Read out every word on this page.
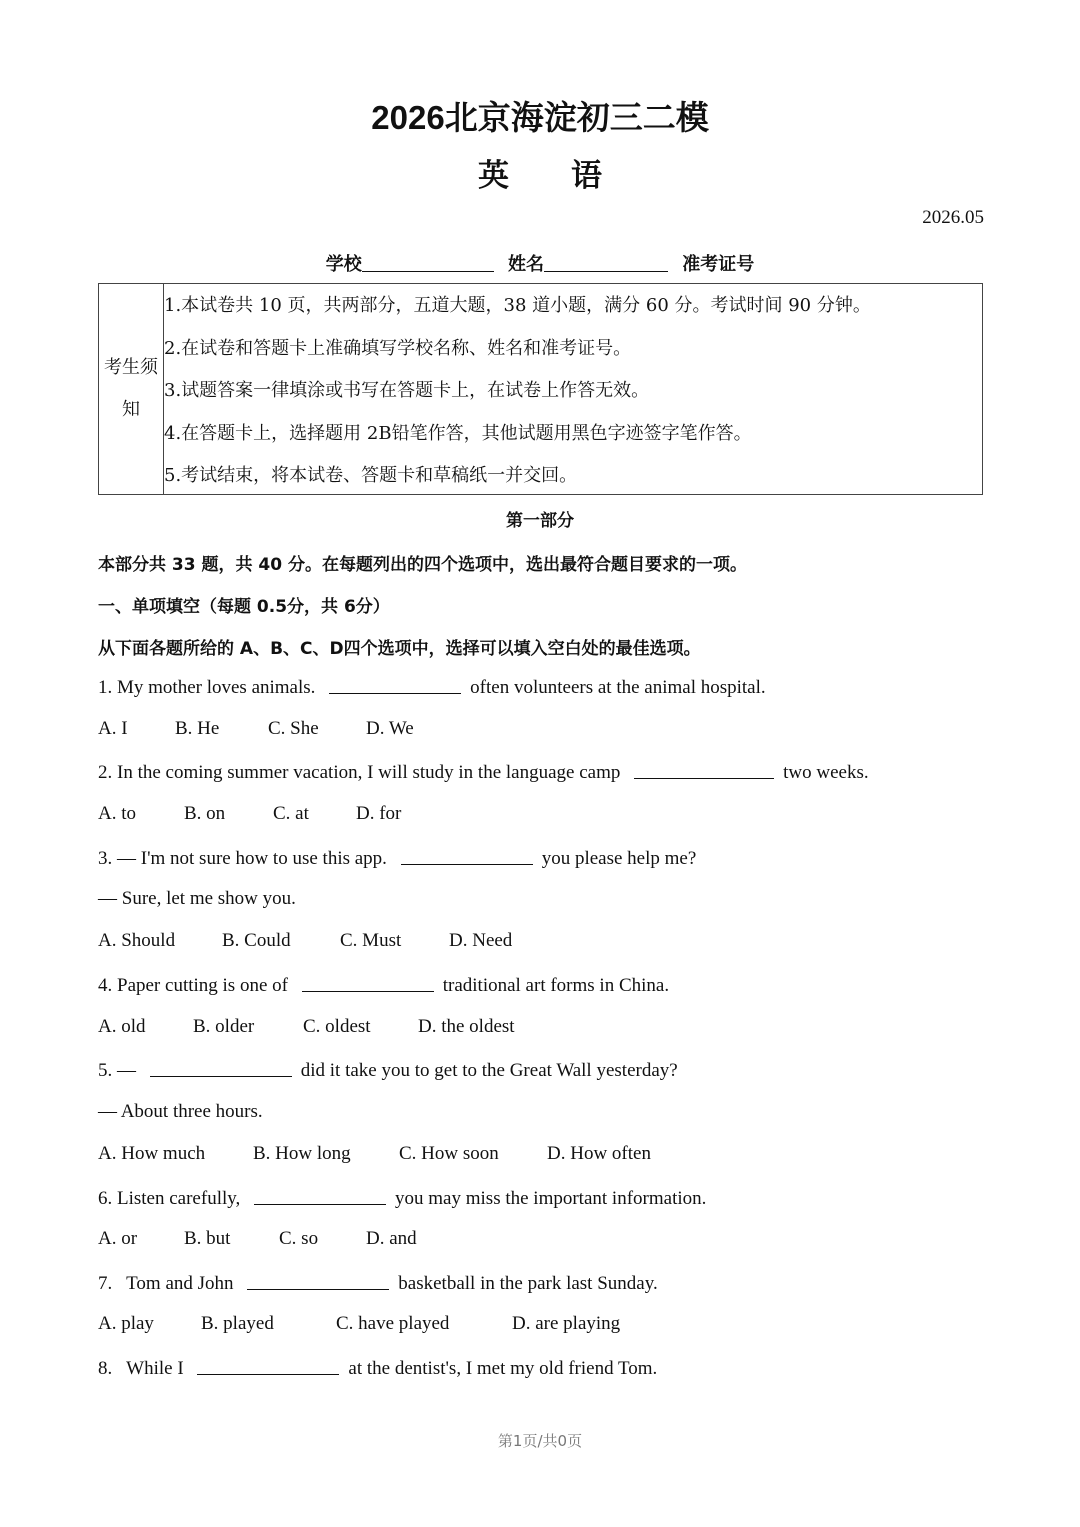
2026北京海淀初三二模
英语
2026.05
学校	姓名	准考证号
考生须知
1.本试卷共 10 页，共两部分，五道大题，38 道小题，满分 60 分。考试时间 90 分钟。
2.在试卷和答题卡上准确填写学校名称、姓名和准考证号。
3.试题答案一律填涂或书写在答题卡上，在试卷上作答无效。
4.在答题卡上，选择题用 2B铅笔作答，其他试题用黑色字迹签字笔作答。
5.考试结束，将本试卷、答题卡和草稿纸一并交回。
第一部分
本部分共 33 题，共 40 分。在每题列出的四个选项中，选出最符合题目要求的一项。
一、单项填空（每题 0.5分，共 6分）
从下面各题所给的 A、B、C、D四个选项中，选择可以填入空白处的最佳选项。
1. My mother loves animals.	often volunteers at the animal hospital.
A. I	B. He	C. She	D. We
2. In the coming summer vacation, I will study in the language camp	two weeks.
A. to	B. on	C. at	D. for
3. — I'm not sure how to use this app.	you please help me?
— Sure, let me show you.
A. Should	B. Could	C. Must	D. Need
4. Paper cutting is one of	traditional art forms in China.
A. old	B. older	C. oldest	D. the oldest
5. —	did it take you to get to the Great Wall yesterday?
— About three hours.
A. How much	B. How long	C. How soon	D. How often
6. Listen carefully,	you may miss the important information.
A. or	B. but	C. so	D. and
7.   Tom and John	basketball in the park last Sunday.
A. play	B. played	C. have played	D. are playing
8.   While I	at the dentist's, I met my old friend Tom.
第1页/共0页
